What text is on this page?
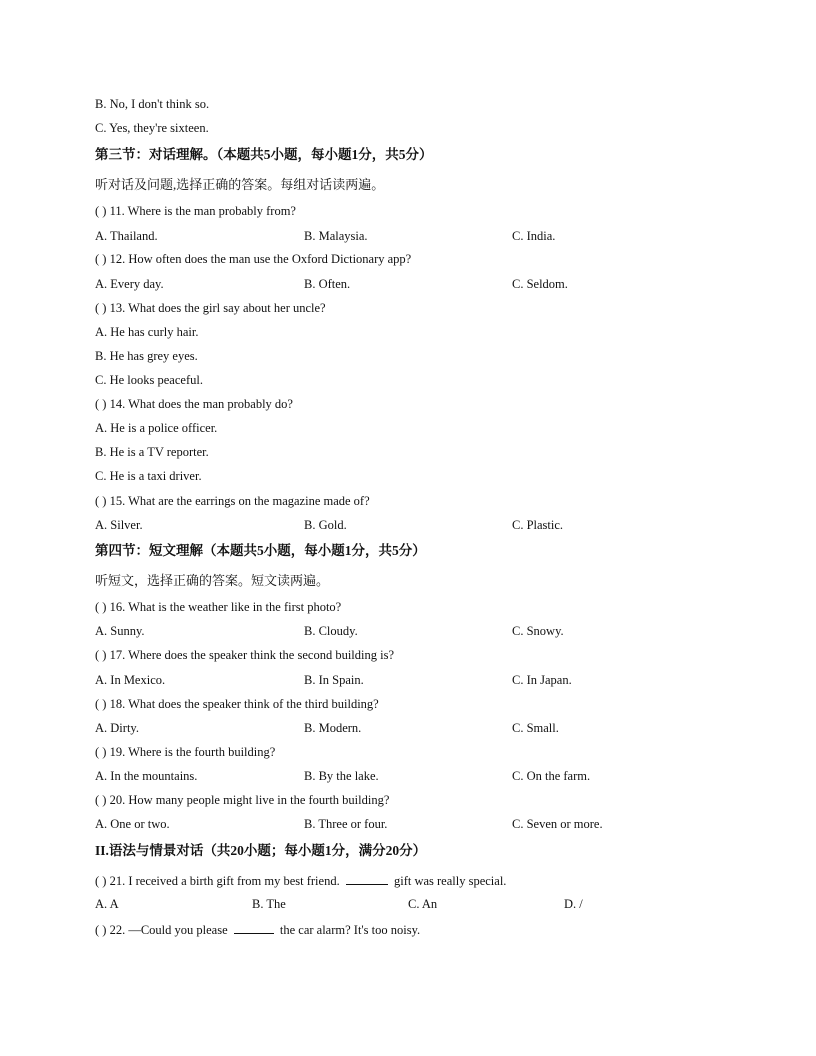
B. No, I don't think so.
C. Yes, they're sixteen.
第三节：对话理解。（本题共5小题，每小题1分，共5分）
听对话及问题,选择正确的答案。每组对话读两遍。
( ) 11. Where is the man probably from?
A. Thailand.	B. Malaysia.	C. India.
( ) 12. How often does the man use the Oxford Dictionary app?
A. Every day.	B. Often.	C. Seldom.
( ) 13. What does the girl say about her uncle?
A. He has curly hair.
B. He has grey eyes.
C. He looks peaceful.
( ) 14. What does the man probably do?
A. He is a police officer.
B. He is a TV reporter.
C. He is a taxi driver.
( ) 15. What are the earrings on the magazine made of?
A. Silver.	B. Gold.	C. Plastic.
第四节：短文理解（本题共5小题，每小题1分，共5分）
听短文，选择正确的答案。短文读两遍。
( ) 16. What is the weather like in the first photo?
A. Sunny.	B. Cloudy.	C. Snowy.
( ) 17. Where does the speaker think the second building is?
A. In Mexico.	B. In Spain.	C. In Japan.
( ) 18. What does the speaker think of the third building?
A. Dirty.	B. Modern.	C. Small.
( ) 19. Where is the fourth building?
A. In the mountains.	B. By the lake.	C. On the farm.
( ) 20. How many people might live in the fourth building?
A. One or two.	B. Three or four.	C. Seven or more.
II.语法与情景对话（共20小题；每小题1分，满分20分）
( ) 21. I received a birth gift from my best friend.	gift was really special.
A. A	B. The	C. An	D. /
( ) 22. —Could you please	the car alarm? It's too noisy.
